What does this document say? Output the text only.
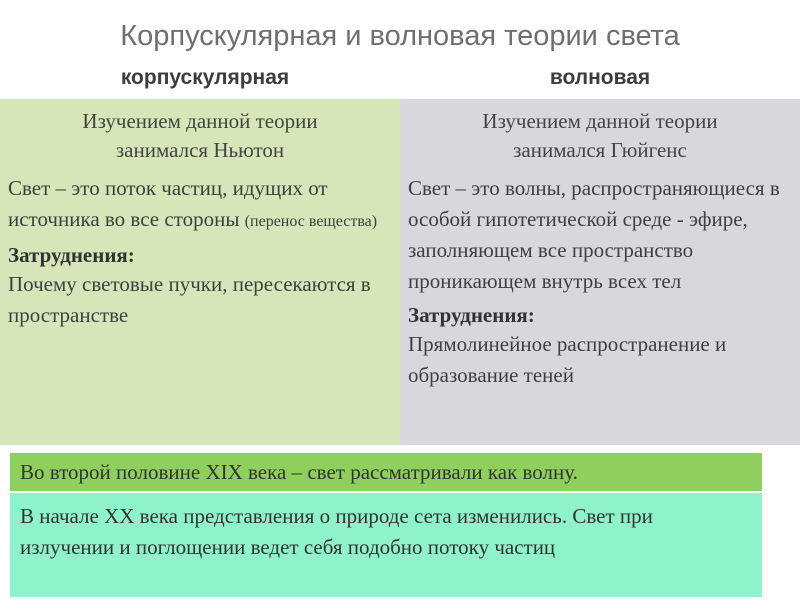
Корпускулярная и волновая теории света
корпускулярная	волновая
Изучением данной теории занимался Ньютон
Свет – это поток частиц, идущих от источника во все стороны (перенос вещества)
Затруднения:
Почему световые пучки, пересекаются в пространстве
Изучением данной теории занимался Гюйгенс
Свет – это волны, распространяющиеся в особой гипотетической среде - эфире, заполняющем все пространство проникающем внутрь всех тел
Затруднения:
Прямолинейное распространение и образование теней
Во второй половине XIX века – свет рассматривали как волну.
В начале XX века представления о природе сета изменились. Свет при излучении и поглощении ведет себя подобно потоку частиц
